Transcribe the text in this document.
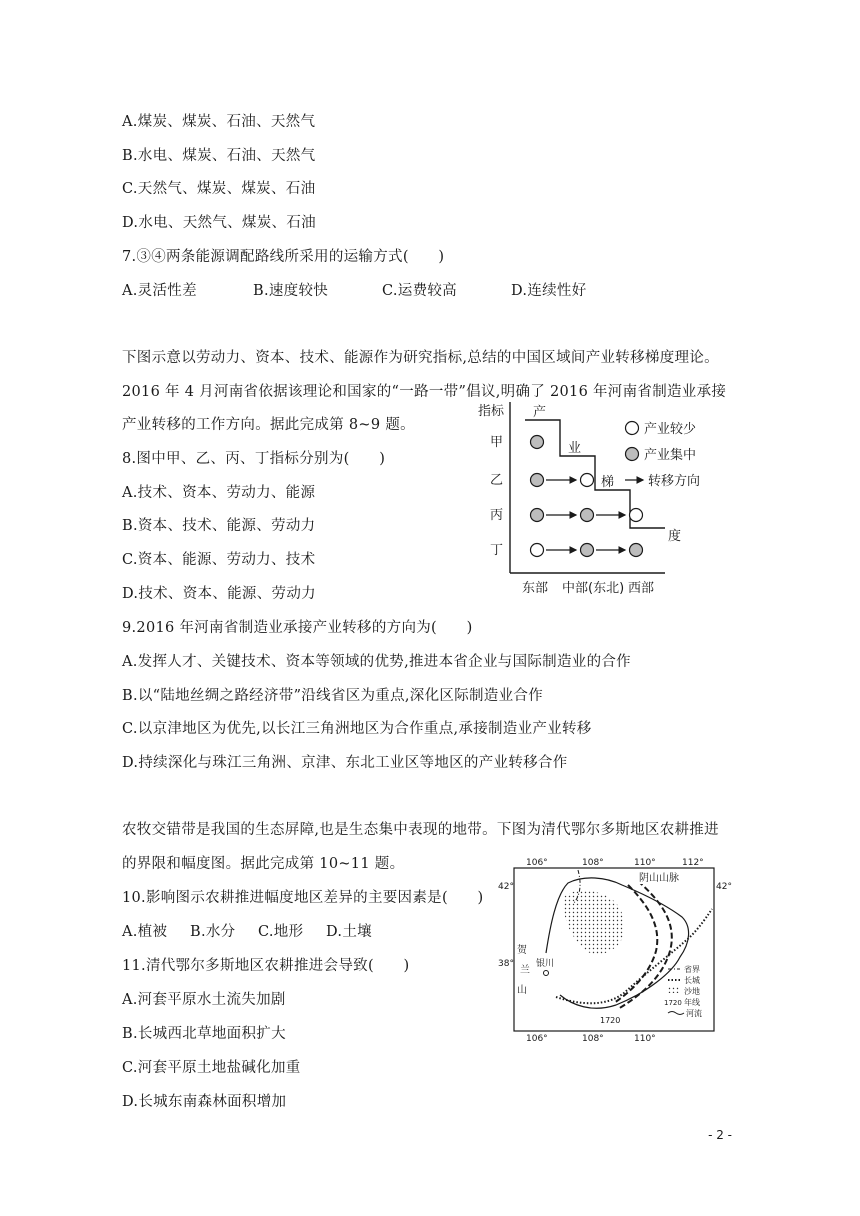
A.煤炭、煤炭、石油、天然气
B.水电、煤炭、石油、天然气
C.天然气、煤炭、煤炭、石油
D.水电、天然气、煤炭、石油
7.③④两条能源调配路线所采用的运输方式(　　)
A.灵活性差	B.速度较快	C.运费较高	D.连续性好
下图示意以劳动力、资本、技术、能源作为研究指标,总结的中国区域间产业转移梯度理论。
2016 年 4 月河南省依据该理论和国家的“一路一带”倡议,明确了 2016 年河南省制造业承接
产业转移的工作方向。据此完成第 8~9 题。
8.图中甲、乙、丙、丁指标分别为(　　)
A.技术、资本、劳动力、能源
B.资本、技术、能源、劳动力
C.资本、能源、劳动力、技术
D.技术、资本、能源、劳动力
9.2016 年河南省制造业承接产业转移的方向为(　　)
A.发挥人才、关键技术、资本等领域的优势,推进本省企业与国际制造业的合作
B.以“陆地丝绸之路经济带”沿线省区为重点,深化区际制造业合作
C.以京津地区为优先,以长江三角洲地区为合作重点,承接制造业产业转移
D.持续深化与珠江三角洲、京津、东北工业区等地区的产业转移合作
农牧交错带是我国的生态屏障,也是生态集中表现的地带。下图为清代鄂尔多斯地区农耕推进
的界限和幅度图。据此完成第 10~11 题。
10.影响图示农耕推进幅度地区差异的主要因素是(　　)
A.植被 B.水分 C.地形 D.土壤
11.清代鄂尔多斯地区农耕推进会导致(　　)
A.河套平原水土流失加剧
B.长城西北草地面积扩大
C.河套平原土地盐碱化加重
D.长城东南森林面积增加
指标 产
业
梯
度
甲
乙
丙
丁
东部 中部(东北) 西部
产业较少
产业集中
转移方向
106°	108°	110°	112°
106°	108°	110°
42°	42°
38°
阴山山脉
贺
兰
山
银川
1720
省界
长城
沙地
1720 年线
河流
- 2 -
